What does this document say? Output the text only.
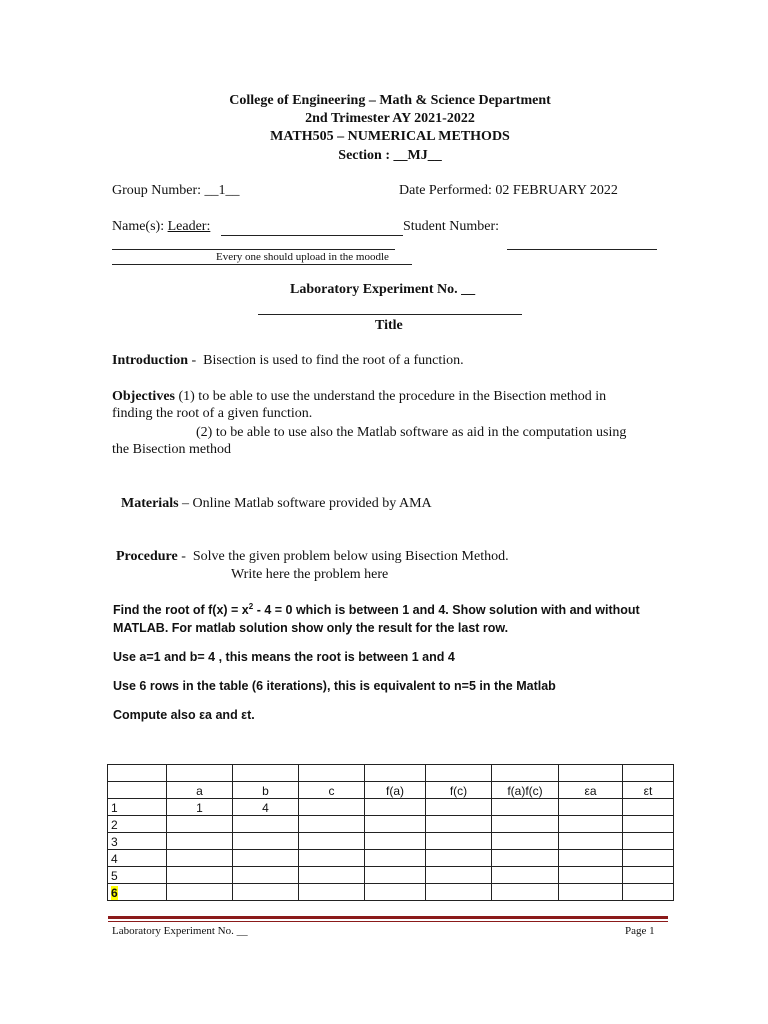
College of Engineering – Math & Science Department
2nd Trimester AY 2021-2022
MATH505 – NUMERICAL METHODS
Section : __MJ__
Group Number: __1__	Date Performed: 02 FEBRUARY 2022
Name(s): Leader:	Student Number:
Every one should upload in the moodle
Laboratory Experiment No. __
Title
Introduction - Bisection is used to find the root of a function.
Objectives (1) to be able to use the understand the procedure in the Bisection method in
finding the root of a given function.
(2) to be able to use also the Matlab software as aid in the computation using
the Bisection method
Materials – Online Matlab software provided by AMA
Procedure - Solve the given problem below using Bisection Method.
Write here the problem here
Find the root of $f(x) = x^2 - 4 = 0$ which is between 1 and 4. Show solution with and without
MATLAB. For matlab solution show only the result for the last row.
Use a=1 and b= 4 , this means the root is between 1 and 4
Use 6 rows in the table (6 iterations), this is equivalent to n=5 in the Matlab
Compute also εa and εt.

	a	b	c	f(a)	f(c)	f(a)f(c)	εa	εt
1	1	4						
2								
3								
4								
5								
6								
Laboratory Experiment No. __	Page 1
